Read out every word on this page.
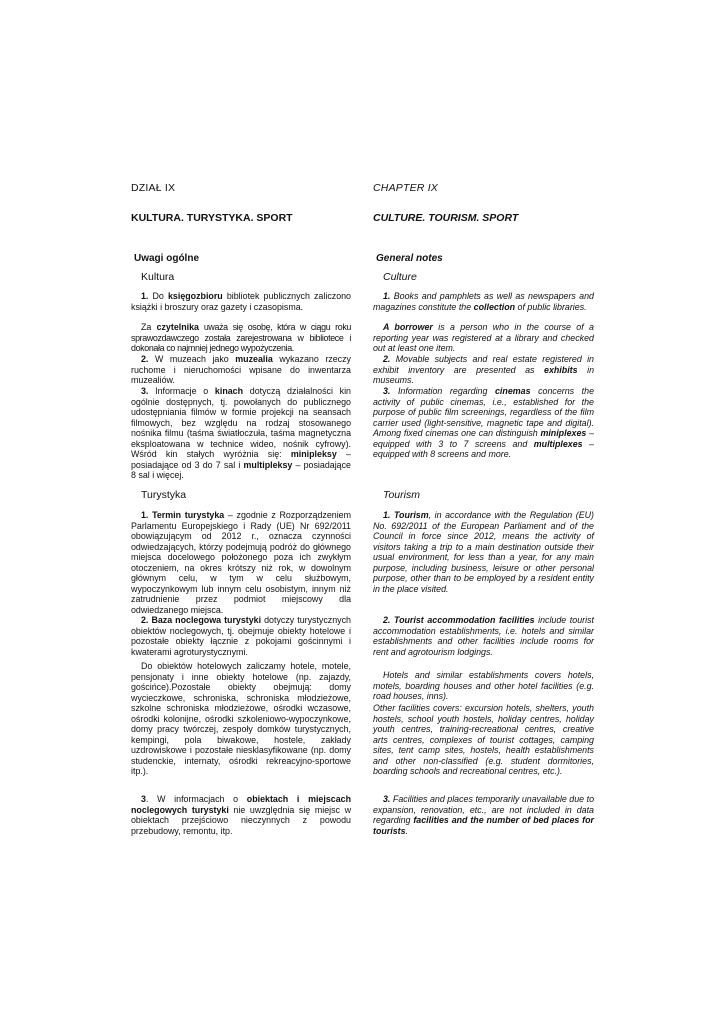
DZIAŁ IX

KULTURA. TURYSTYKA. SPORT

Uwagi ogólne

Kultura

1. Do księgozbioru bibliotek publicznych zaliczono książki i broszury oraz gazety i czasopisma.

Za czytelnika uważa się osobę, która w ciągu roku sprawozdawczego została zarejestrowana w bibliotece i dokonała co najmniej jednego wypożyczenia.

2. W muzeach jako muzealia wykazano rzeczy ruchome i nieruchomości wpisane do inwentarza muzealiów.

3. Informacje o kinach dotyczą działalności kin ogólnie dostępnych, tj. powołanych do publicznego udostępniania filmów w formie projekcji na seansach filmowych, bez względu na rodzaj stosowanego nośnika filmu (taśma światłoczuła, taśma magnetyczna eksploatowana w technice wideo, nośnik cyfrowy). Wśród kin stałych wyróżnia się: minipleksy – posiadające od 3 do 7 sal i multipleksy – posiadające 8 sal i więcej.

Turystyka

1. Termin turystyka – zgodnie z Rozporządzeniem Parlamentu Europejskiego i Rady (UE) Nr 692/2011 obowiązującym od 2012 r., oznacza czynności odwiedzających, którzy podejmują podróż do głównego miejsca docelowego położonego poza ich zwykłym otoczeniem, na okres krótszy niż rok, w dowolnym głównym celu, w tym w celu służbowym, wypoczynkowym lub innym celu osobistym, innym niż zatrudnienie przez podmiot miejscowy dla odwiedzanego miejsca.

2. Baza noclegowa turystyki dotyczy turystycznych obiektów noclegowych, tj. obejmuje obiekty hotelowe i pozostałe obiekty łącznie z pokojami gościnnymi i kwaterami agroturystycznymi.

Do obiektów hotelowych zaliczamy hotele, motele, pensjonaty i inne obiekty hotelowe (np. zajazdy, gościńce).Pozostałe obiekty obejmują: domy wycieczkowe, schroniska, schroniska młodzieżowe, szkolne schroniska młodzieżowe, ośrodki wczasowe, ośrodki kolonijne, ośrodki szkoleniowo-wypoczynkowe, domy pracy twórczej, zespoły domków turystycznych, kempingi, pola biwakowe, hostele, zakłady uzdrowiskowe i pozostałe niesklasyfikowane (np. domy studenckie, internaty, ośrodki rekreacyjno-sportowe itp.).

3. W informacjach o obiektach i miejscach noclegowych turystyki nie uwzględnia się miejsc w obiektach przejściowo nieczynnych z powodu przebudowy, remontu, itp.

CHAPTER IX

CULTURE. TOURISM. SPORT

General notes

Culture

1. Books and pamphlets as well as newspapers and magazines constitute the collection of public libraries.

A borrower is a person who in the course of a reporting year was registered at a library and checked out at least one item.

2. Movable subjects and real estate registered in exhibit inventory are presented as exhibits in museums.

3. Information regarding cinemas concerns the activity of public cinemas, i.e., established for the purpose of public film screenings, regardless of the film carrier used (light-sensitive, magnetic tape and digital). Among fixed cinemas one can distinguish miniplexes – equipped with 3 to 7 screens and multiplexes – equipped with 8 screens and more.

Tourism

1. Tourism, in accordance with the Regulation (EU) No. 692/2011 of the European Parliament and of the Council in force since 2012, means the activity of visitors taking a trip to a main destination outside their usual environment, for less than a year, for any main purpose, including business, leisure or other personal purpose, other than to be employed by a resident entity in the place visited.

2. Tourist accommodation facilities include tourist accommodation establishments, i.e. hotels and similar establishments and other facilities include rooms for rent and agrotourism lodgings.

Hotels and similar establishments covers hotels, motels, boarding houses and other hotel facilities (e.g. road houses, inns).

Other facilities covers: excursion hotels, shelters, youth hostels, school youth hostels, holiday centres, holiday youth centres, training-recreational centres, creative arts centres, complexes of tourist cottages, camping sites, tent camp sites, hostels, health establishments and other non-classified (e.g. student dormitories, boarding schools and recreational centres, etc.).

3. Facilities and places temporarily unavailable due to expansion, renovation, etc., are not included in data regarding facilities and the number of bed places for tourists.
